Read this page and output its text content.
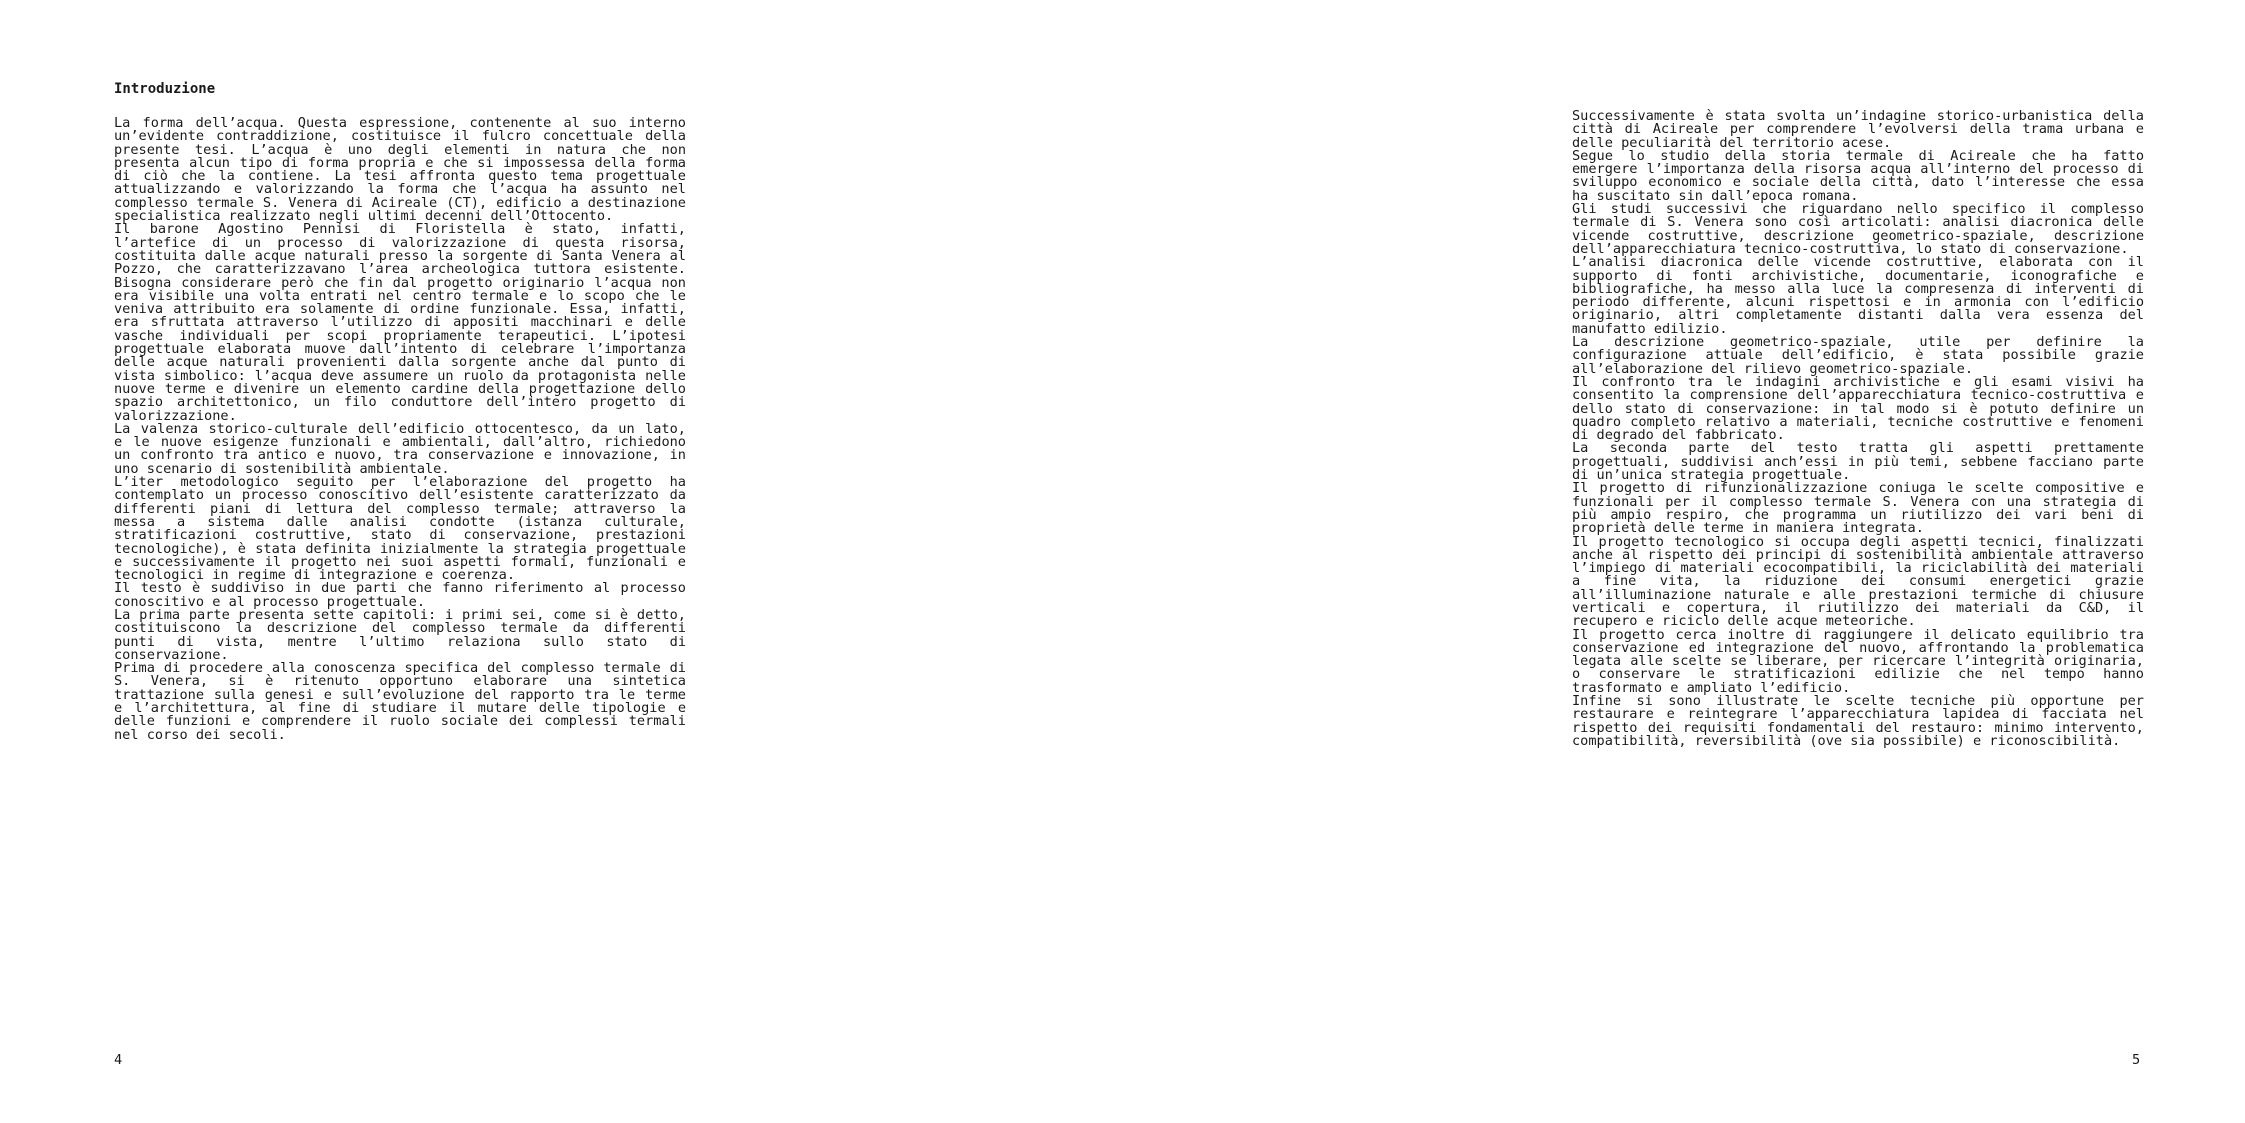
Introduzione

La forma dell’acqua. Questa espressione, contenente al suo interno un’evidente contraddizione, costituisce il fulcro concettuale della presente tesi. L’acqua è uno degli elementi in natura che non presenta alcun tipo di forma propria e che si impossessa della forma di ciò che la contiene. La tesi affronta questo tema progettuale attualizzando e valorizzando la forma che l’acqua ha assunto nel complesso termale S. Venera di Acireale (CT), edificio a destinazione specialistica realizzato negli ultimi decenni dell’Ottocento.

Il barone Agostino Pennisi di Floristella è stato, infatti, l’artefice di un processo di valorizzazione di questa risorsa, costituita dalle acque naturali presso la sorgente di Santa Venera al Pozzo, che caratterizzavano l’area archeologica tuttora esistente. Bisogna considerare però che fin dal progetto originario l’acqua non era visibile una volta entrati nel centro termale e lo scopo che le veniva attribuito era solamente di ordine funzionale. Essa, infatti, era sfruttata attraverso l’utilizzo di appositi macchinari e delle vasche individuali per scopi propriamente terapeutici. L’ipotesi progettuale elaborata muove dall’intento di celebrare l’importanza delle acque naturali provenienti dalla sorgente anche dal punto di vista simbolico: l’acqua deve assumere un ruolo da protagonista nelle nuove terme e divenire un elemento cardine della progettazione dello spazio architettonico, un filo conduttore dell’intero progetto di valorizzazione.

La valenza storico-culturale dell’edificio ottocentesco, da un lato, e le nuove esigenze funzionali e ambientali, dall’altro, richiedono un confronto tra antico e nuovo, tra conservazione e innovazione, in uno scenario di sostenibilità ambientale.

L’iter metodologico seguito per l’elaborazione del progetto ha contemplato un processo conoscitivo dell’esistente caratterizzato da differenti piani di lettura del complesso termale; attraverso la messa a sistema dalle analisi condotte (istanza culturale, stratificazioni costruttive, stato di conservazione, prestazioni tecnologiche), è stata definita inizialmente la strategia progettuale e successivamente il progetto nei suoi aspetti formali, funzionali e tecnologici in regime di integrazione e coerenza.

Il testo è suddiviso in due parti che fanno riferimento al processo conoscitivo e al processo progettuale.

La prima parte presenta sette capitoli: i primi sei, come si è detto, costituiscono la descrizione del complesso termale da differenti punti di vista, mentre l’ultimo relaziona sullo stato di conservazione.

Prima di procedere alla conoscenza specifica del complesso termale di S. Venera, si è ritenuto opportuno elaborare una sintetica trattazione sulla genesi e sull’evoluzione del rapporto tra le terme e l’architettura, al fine di studiare il mutare delle tipologie e delle funzioni e comprendere il ruolo sociale dei complessi termali nel corso dei secoli.

4

Successivamente è stata svolta un’indagine storico-urbanistica della città di Acireale per comprendere l’evolversi della trama urbana e delle peculiarità del territorio acese.

Segue lo studio della storia termale di Acireale che ha fatto emergere l’importanza della risorsa acqua all’interno del processo di sviluppo economico e sociale della città, dato l’interesse che essa ha suscitato sin dall’epoca romana.

Gli studi successivi che riguardano nello specifico il complesso termale di S. Venera sono così articolati: analisi diacronica delle vicende costruttive, descrizione geometrico-spaziale, descrizione dell’apparecchiatura tecnico-costruttiva, lo stato di conservazione.

L’analisi diacronica delle vicende costruttive, elaborata con il supporto di fonti archivistiche, documentarie, iconografiche e bibliografiche, ha messo alla luce la compresenza di interventi di periodo differente, alcuni rispettosi e in armonia con l’edificio originario, altri completamente distanti dalla vera essenza del manufatto edilizio.

La descrizione geometrico-spaziale, utile per definire la configurazione attuale dell’edificio, è stata possibile grazie all’elaborazione del rilievo geometrico-spaziale.

Il confronto tra le indagini archivistiche e gli esami visivi ha consentito la comprensione dell’apparecchiatura tecnico-costruttiva e dello stato di conservazione: in tal modo si è potuto definire un quadro completo relativo a materiali, tecniche costruttive e fenomeni di degrado del fabbricato.

La seconda parte del testo tratta gli aspetti prettamente progettuali, suddivisi anch’essi in più temi, sebbene facciano parte di un’unica strategia progettuale.

Il progetto di rifunzionalizzazione coniuga le scelte compositive e funzionali per il complesso termale S. Venera con una strategia di più ampio respiro, che programma un riutilizzo dei vari beni di proprietà delle terme in maniera integrata.

Il progetto tecnologico si occupa degli aspetti tecnici, finalizzati anche al rispetto dei principi di sostenibilità ambientale attraverso l’impiego di materiali ecocompatibili, la riciclabilità dei materiali a fine vita, la riduzione dei consumi energetici grazie all’illuminazione naturale e alle prestazioni termiche di chiusure verticali e copertura, il riutilizzo dei materiali da C&D, il recupero e riciclo delle acque meteoriche.

Il progetto cerca inoltre di raggiungere il delicato equilibrio tra conservazione ed integrazione del nuovo, affrontando la problematica legata alle scelte se liberare, per ricercare l’integrità originaria, o conservare le stratificazioni edilizie che nel tempo hanno trasformato e ampliato l’edificio.

Infine si sono illustrate le scelte tecniche più opportune per restaurare e reintegrare l’apparecchiatura lapidea di facciata nel rispetto dei requisiti fondamentali del restauro: minimo intervento, compatibilità, reversibilità (ove sia possibile) e riconoscibilità.

5
